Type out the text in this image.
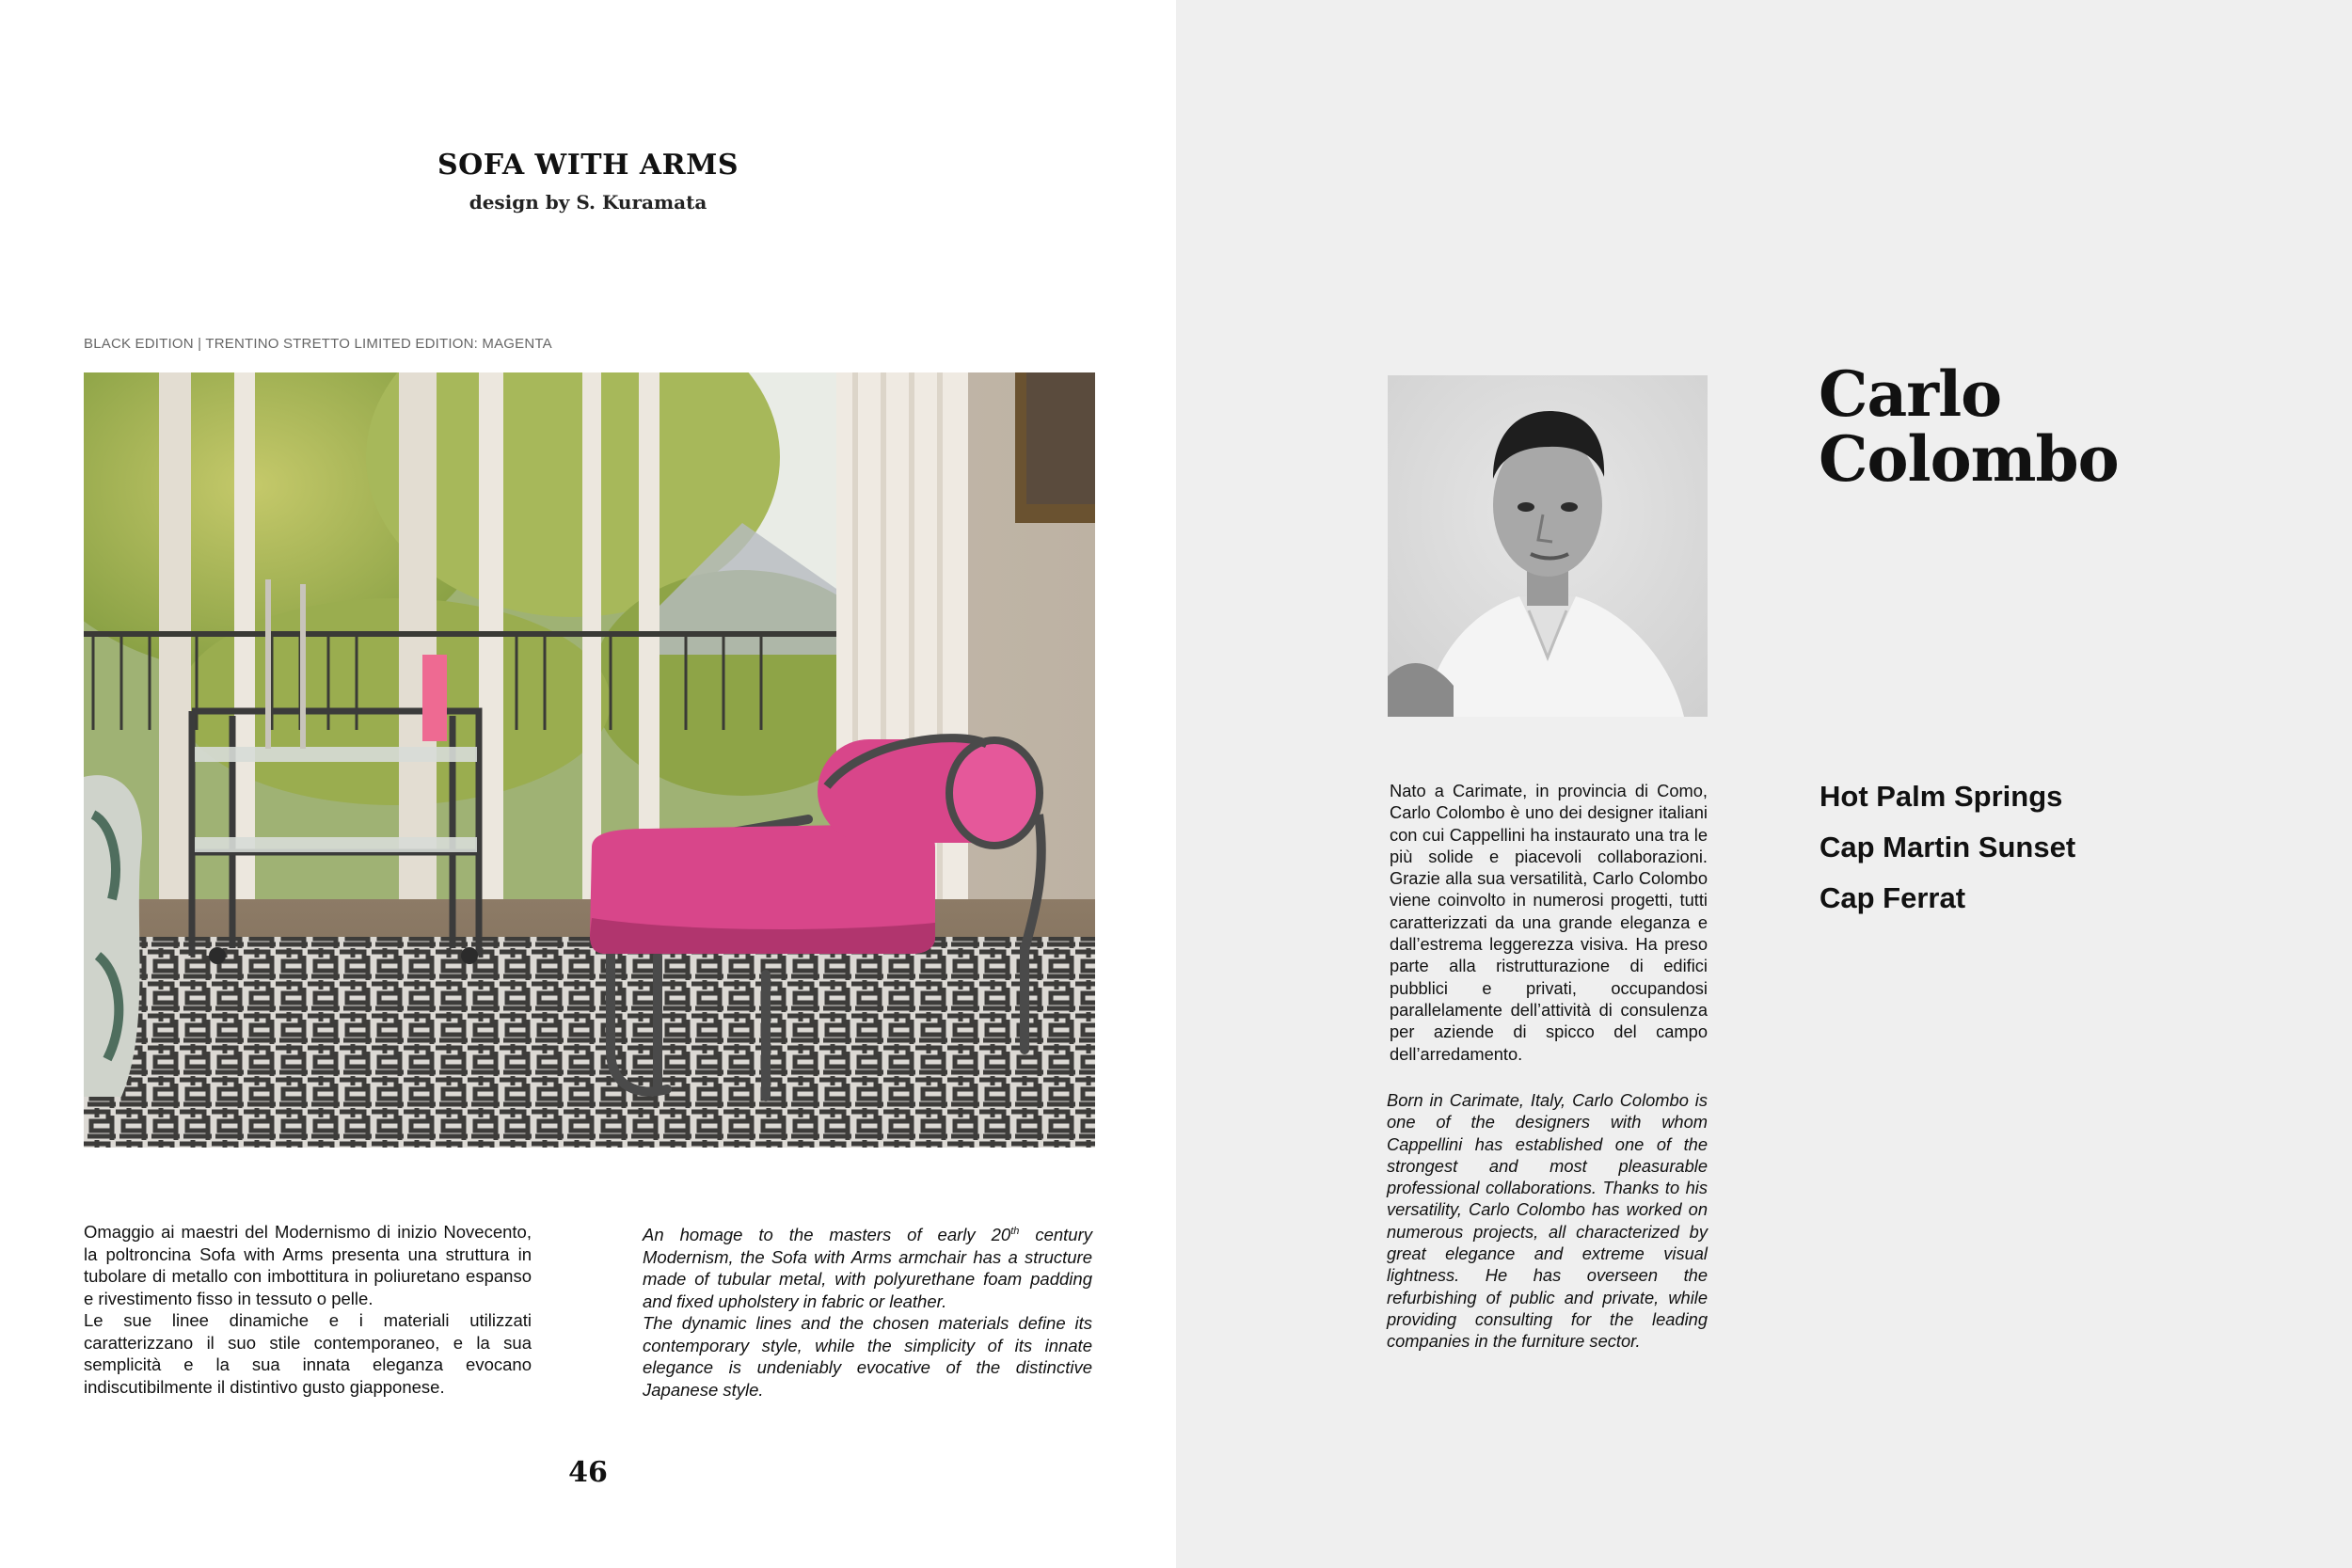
SOFA WITH ARMS
design by S. Kuramata
BLACK EDITION | TRENTINO STRETTO LIMITED EDITION: MAGENTA

Omaggio ai maestri del Modernismo di inizio Novecento, la poltroncina Sofa with Arms presenta una struttura in tubolare di metallo con imbottitura in poliuretano espanso e rivestimento fisso in tessuto o pelle.

Le sue linee dinamiche e i materiali utilizzati caratterizzano il suo stile contemporaneo, e la sua semplicità e la sua innata eleganza evocano indiscutibilmente il distintivo gusto giapponese.

An homage to the masters of early 20th century Modernism, the Sofa with Arms armchair has a structure made of tubular metal, with polyurethane foam padding and fixed upholstery in fabric or leather.

The dynamic lines and the chosen materials define its contemporary style, while the simplicity of its innate elegance is undeniably evocative of the distinctive Japanese style.

46
Carlo
Colombo
Hot Palm Springs
Cap Martin Sunset
Cap Ferrat
Nato a Carimate, in provincia di Como, Carlo Colombo è uno dei designer italiani con cui Cappellini ha instaurato una tra le più solide e piacevoli collaborazioni. Grazie alla sua versatilità, Carlo Colombo viene coinvolto in numerosi progetti, tutti caratterizzati da una grande eleganza e dall’estrema leggerezza visiva. Ha preso parte alla ristrutturazione di edifici pubblici e privati, occupandosi parallelamente dell’attività di consulenza per aziende di spicco del campo dell’arredamento.
Born in Carimate, Italy, Carlo Colombo is one of the designers with whom Cappellini has established one of the strongest and most pleasurable professional collaborations. Thanks to his versatility, Carlo Colombo has worked on numerous projects, all characterized by great elegance and extreme visual lightness. He has overseen the refurbishing of public and private, while providing consulting for the leading companies in the furniture sector.
